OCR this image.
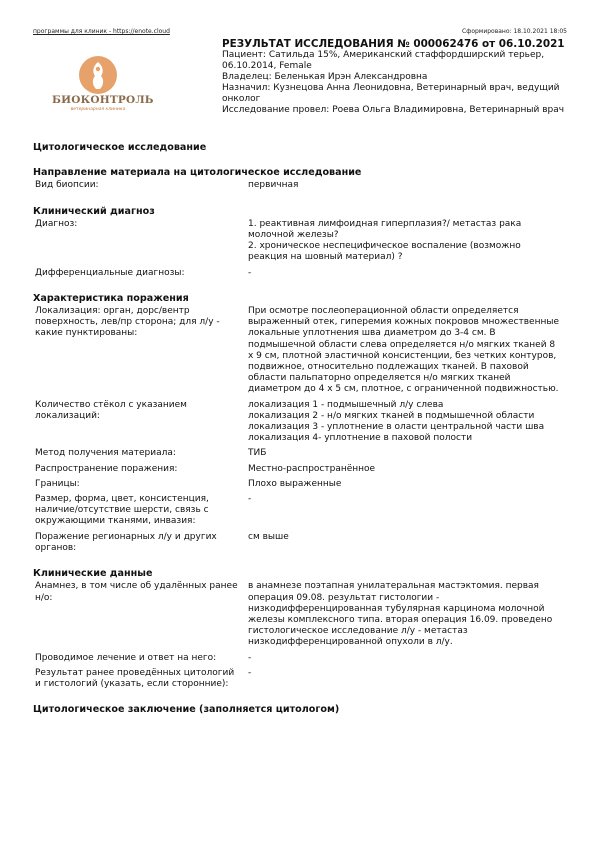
программы для клиник - https://enote.cloud	Сформировано: 18.10.2021 18:05
БИОКОНТРОЛЬ
ветеринарная клиника
РЕЗУЛЬТАТ ИССЛЕДОВАНИЯ № 000062476 от 06.10.2021
Пациент: Сатильда 15%, Американский стаффордширский терьер, 06.10.2014, Female
Владелец: Беленькая Ирэн Александровна
Назначил: Кузнецова Анна Леонидовна, Ветеринарный врач, ведущий онколог
Исследование провел: Роева Ольга Владимировна, Ветеринарный врач
Цитологическое исследование
Направление материала на цитологическое исследование
Вид биопсии:	первичная
Клинический диагноз
Диагноз:	1. реактивная лимфоидная гиперплазия?/ метастаз рака молочной железы?
2. хроническое неспецифическое воспаление (возможно реакция на шовный материал) ?
Дифференциальные диагнозы:	-
Характеристика поражения
Локализация: орган, дорс/вентр поверхность, лев/пр сторона; для л/у - какие пунктированы:
При осмотре послеоперационной области определяется выраженный отек, гиперемия кожных покровов множественные локальные уплотнения шва диаметром до 3-4 см. В подмышечной области слева определяется н/о мягких тканей 8 х 9 см, плотной эластичной консистенции, без четких контуров, подвижное, относительно подлежащих тканей. В паховой области пальпаторно определяется н/о мягких тканей диаметром до 4 х 5 см, плотное, с ограниченной подвижностью.
Количество стёкол с указанием локализаций:
локализация 1 - подмышечный л/у слева
локализация 2 - н/о мягких тканей в подмышечной области
локализация 3 - уплотнение в оласти центральной части шва
локализация 4- уплотнение в паховой полости
Метод получения материала:	ТИБ
Распространение поражения:	Местно-распространённое
Границы:	Плохо выраженные
Размер, форма, цвет, консистенция, наличие/отсутствие шерсти, связь с окружающими тканями, инвазия:
-
Поражение регионарных л/у и других органов:
см выше
Клинические данные
Анамнез, в том числе об удалённых ранее н/о:
в анамнезе поэтапная унилатеральная мастэктомия. первая операция 09.08. результат гистологии - низкодифференцированная тубулярная карцинома молочной железы комплексного типа. вторая операция 16.09. проведено гистологическое исследование л/у - метастаз низкодифференцированной опухоли в л/у.
Проводимое лечение и ответ на него:	-
Результат ранее проведённых цитологий и гистологий (указать, если сторонние):
-
Цитологическое заключение (заполняется цитологом)
